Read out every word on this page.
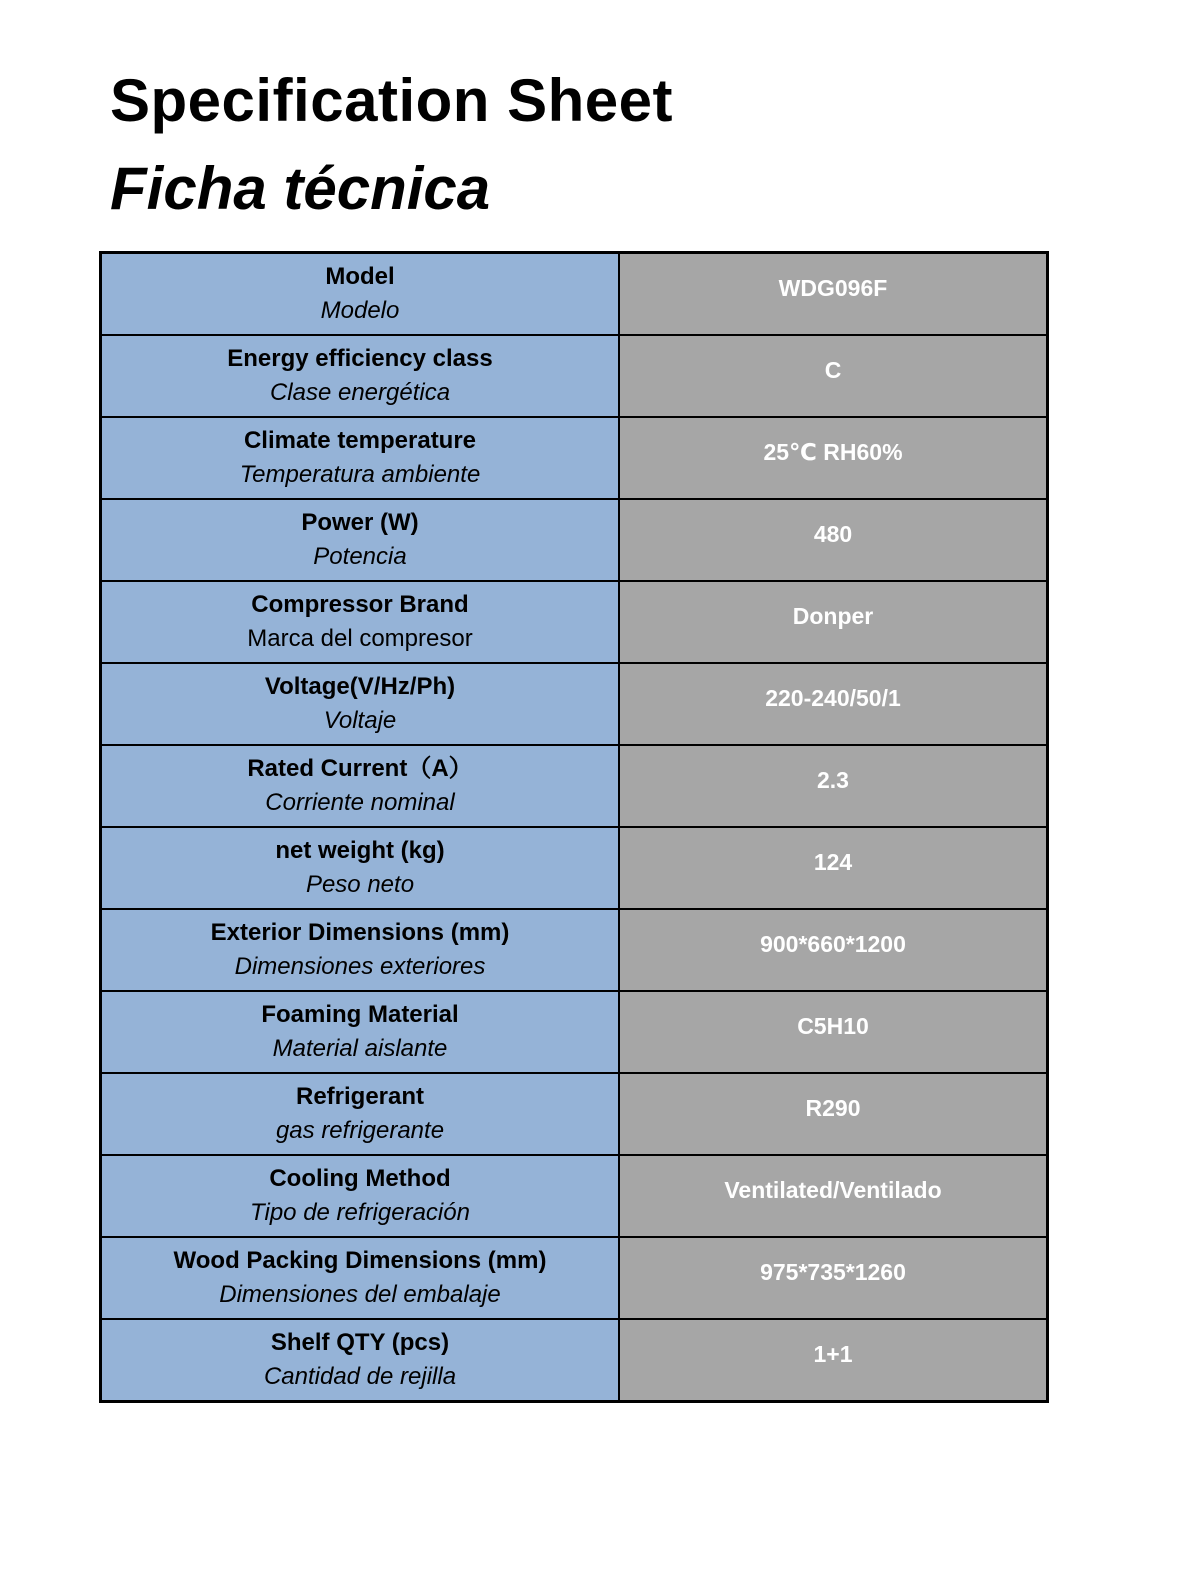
Specification Sheet
Ficha técnica
Model
Modelo	WDG096F

Energy efficiency class
Clase energética	C

Climate temperature
Temperatura ambiente	25℃ RH60%

Power (W)
Potencia	480

Compressor Brand
Marca del compresor	Donper

Voltage(V/Hz/Ph)
Voltaje	220-240/50/1

Rated Current（A）
Corriente nominal	2.3

net weight (kg)
Peso neto	124

Exterior Dimensions (mm)
Dimensiones exteriores	900*660*1200

Foaming Material
Material aislante	C5H10

Refrigerant
gas refrigerante	R290

Cooling Method
Tipo de refrigeración	Ventilated/Ventilado

Wood Packing Dimensions (mm)
Dimensiones del embalaje	975*735*1260

Shelf QTY (pcs)
Cantidad de rejilla	1+1
